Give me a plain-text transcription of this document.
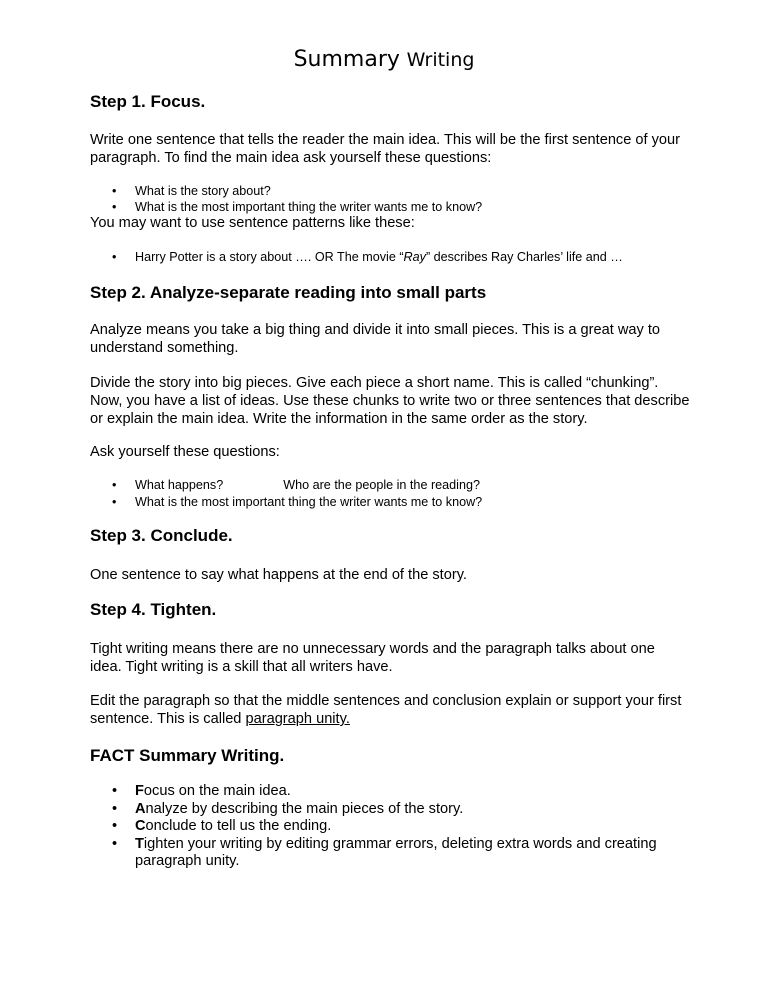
Summary Writing
Step 1. Focus.
Write one sentence that tells the reader the main idea. This will be the first sentence of your paragraph. To find the main idea ask yourself these questions:
• What is the story about?
• What is the most important thing the writer wants me to know?
You may want to use sentence patterns like these:
• Harry Potter is a story about …. OR The movie “Ray” describes Ray Charles’ life and …
Step 2. Analyze-separate reading into small parts
Analyze means you take a big thing and divide it into small pieces. This is a great way to understand something.
Divide the story into big pieces. Give each piece a short name. This is called “chunking”. Now, you have a list of ideas. Use these chunks to write two or three sentences that describe or explain the main idea. Write the information in the same order as the story.
Ask yourself these questions:
• What happens?	Who are the people in the reading?
• What is the most important thing the writer wants me to know?
Step 3. Conclude.
One sentence to say what happens at the end of the story.
Step 4. Tighten.
Tight writing means there are no unnecessary words and the paragraph talks about one idea. Tight writing is a skill that all writers have.
Edit the paragraph so that the middle sentences and conclusion explain or support your first sentence. This is called paragraph unity.
FACT Summary Writing.
• Focus on the main idea.
• Analyze by describing the main pieces of the story.
• Conclude to tell us the ending.
• Tighten your writing by editing grammar errors, deleting extra words and creating paragraph unity.
